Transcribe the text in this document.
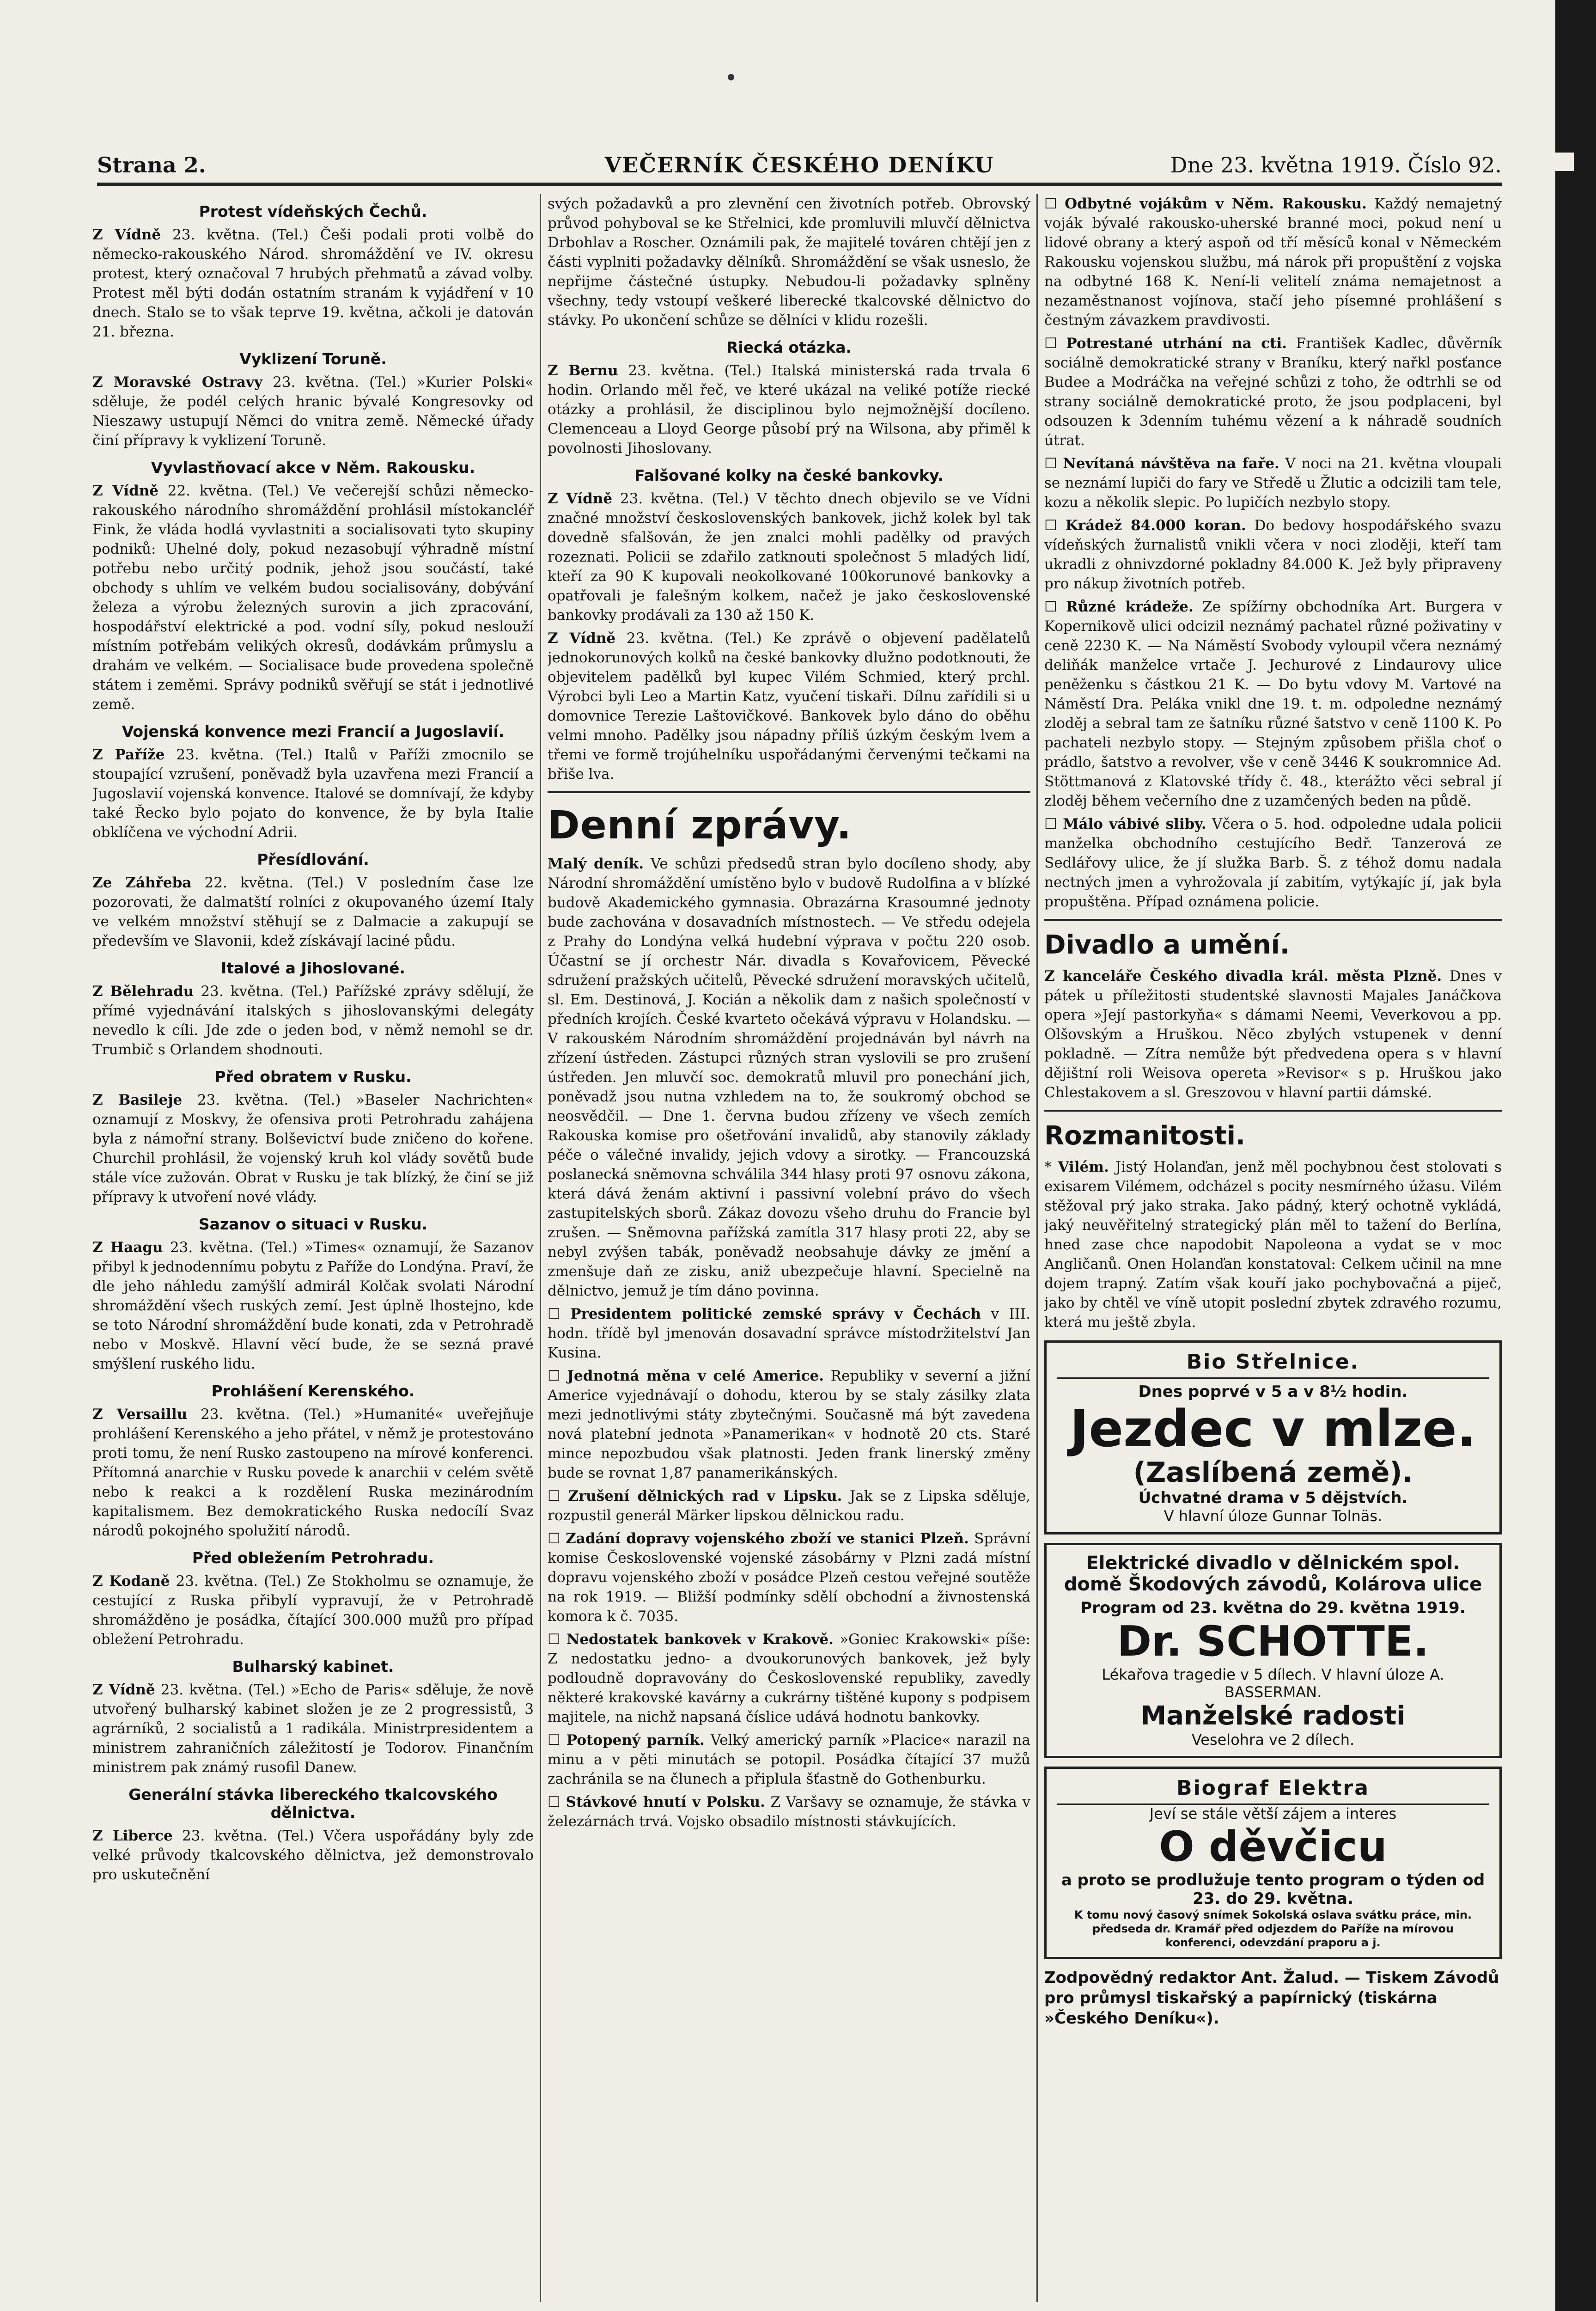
Strana 2.	VEČERNÍK ČESKÉHO DENÍKU	Dne 23. května 1919. Číslo 92.
Protest vídeňských Čechů.

Z Vídně 23. května. (Tel.) Češi podali proti volbě do německo-rakouského Národ. shromáždění ve IV. okresu protest, který označoval 7 hrubých přehmatů a závad volby. Protest měl býti dodán ostatním stranám k vyjádření v 10 dnech. Stalo se to však teprve 19. května, ačkoli je datován 21. března.

Vyklizení Toruně.

Z Moravské Ostravy 23. května. (Tel.) »Kurier Polski« sděluje, že podél celých hranic bývalé Kongresovky od Nieszawy ustupují Němci do vnitra země. Německé úřady činí přípravy k vyklizení Toruně.

Vyvlastňovací akce v Něm. Rakousku.

Z Vídně 22. května. (Tel.) Ve večerejší schůzi německo-rakouského národního shromáždění prohlásil místokancléř Fink, že vláda hodlá vyvlastniti a socialisovati tyto skupiny podniků: Uhelné doly, pokud nezasobují výhradně místní potřebu nebo určitý podnik, jehož jsou součástí, také obchody s uhlím ve velkém budou socialisovány, dobývání železa a výrobu železných surovin a jich zpracování, hospodářství elektrické a pod. vodní síly, pokud neslouží místním potřebám velikých okresů, dodávkám průmyslu a drahám ve velkém. — Socialisace bude provedena společně státem i zeměmi. Správy podniků svěřují se stát i jednotlivé země.

Vojenská konvence mezi Francií a Jugoslavií.

Z Paříže 23. května. (Tel.) Italů v Paříži zmocnilo se stoupající vzrušení, poněvadž byla uzavřena mezi Francií a Jugoslavií vojenská konvence. Italové se domnívají, že kdyby také Řecko bylo pojato do konvence, že by byla Italie obklíčena ve východní Adrii.

Přesídlování.

Ze Záhřeba 22. května. (Tel.) V posledním čase lze pozorovati, že dalmatští rolníci z okupovaného území Italy ve velkém množství stěhují se z Dalmacie a zakupují se především ve Slavonii, kdež získávají laciné půdu.

Italové a Jihoslované.

Z Bělehradu 23. května. (Tel.) Pařížské zprávy sdělují, že přímé vyjednávání italských s jihoslovanskými delegáty nevedlo k cíli. Jde zde o jeden bod, v němž nemohl se dr. Trumbič s Orlandem shodnouti.

Před obratem v Rusku.

Z Basileje 23. května. (Tel.) »Baseler Nachrichten« oznamují z Moskvy, že ofensiva proti Petrohradu zahájena byla z námořní strany. Bolševictví bude zničeno do kořene. Churchil prohlásil, že vojenský kruh kol vlády sovětů bude stále více zužován. Obrat v Rusku je tak blízký, že činí se již přípravy k utvoření nové vlády.

Sazanov o situaci v Rusku.

Z Haagu 23. května. (Tel.) »Times« oznamují, že Sazanov přibyl k jednodennímu pobytu z Paříže do Londýna. Praví, že dle jeho náhledu zamýšlí admirál Kolčak svolati Národní shromáždění všech ruských zemí. Jest úplně lhostejno, kde se toto Národní shromáždění bude konati, zda v Petrohradě nebo v Moskvě. Hlavní věcí bude, že se sezná pravé smýšlení ruského lidu.

Prohlášení Kerenského.

Z Versaillu 23. května. (Tel.) »Humanité« uveřejňuje prohlášení Kerenského a jeho přátel, v němž je protestováno proti tomu, že není Rusko zastoupeno na mírové konferenci. Přítomná anarchie v Rusku povede k anarchii v celém světě nebo k reakci a k rozdělení Ruska mezinárodním kapitalismem. Bez demokratického Ruska nedocílí Svaz národů pokojného spolužití národů.

Před obležením Petrohradu.

Z Kodaně 23. května. (Tel.) Ze Stokholmu se oznamuje, že cestující z Ruska přibylí vypravují, že v Petrohradě shromážděno je posádka, čítající 300.000 mužů pro případ obležení Petrohradu.

Bulharský kabinet.

Z Vídně 23. května. (Tel.) »Echo de Paris« sděluje, že nově utvořený bulharský kabinet složen je ze 2 progressistů, 3 agrárníků, 2 socialistů a 1 radikála. Ministrpresidentem a ministrem zahraničních záležitostí je Todorov. Finančním ministrem pak známý rusofil Danew.

Generální stávka libereckého tkalcovského dělnictva.

Z Liberce 23. května. (Tel.) Včera uspořádány byly zde velké průvody tkalcovského dělnictva, jež demonstrovalo pro uskutečnění

svých požadavků a pro zlevnění cen životních potřeb. Obrovský průvod pohyboval se ke Střelnici, kde promluvili mluvčí dělnictva Drbohlav a Roscher. Oznámili pak, že majitelé továren chtějí jen z části vyplniti požadavky dělníků. Shromáždění se však usneslo, že nepřijme částečné ústupky. Nebudou-li požadavky splněny všechny, tedy vstoupí veškeré liberecké tkalcovské dělnictvo do stávky. Po ukončení schůze se dělníci v klidu rozešli.

Riecká otázka.

Z Bernu 23. května. (Tel.) Italská ministerská rada trvala 6 hodin. Orlando měl řeč, ve které ukázal na veliké potíže riecké otázky a prohlásil, že disciplinou bylo nejmožnější docíleno. Clemenceau a Lloyd George působí prý na Wilsona, aby přiměl k povolnosti Jihoslovany.

Falšované kolky na české bankovky.

Z Vídně 23. května. (Tel.) V těchto dnech objevilo se ve Vídni značné množství československých bankovek, jichž kolek byl tak dovedně sfalšován, že jen znalci mohli padělky od pravých rozeznati. Policii se zdařilo zatknouti společnost 5 mladých lidí, kteří za 90 K kupovali neokolkované 100korunové bankovky a opatřovali je falešným kolkem, načež je jako československé bankovky prodávali za 130 až 150 K.

Z Vídně 23. května. (Tel.) Ke zprávě o objevení padělatelů jednokorunových kolků na české bankovky dlužno podotknouti, že objevitelem padělků byl kupec Vilém Schmied, který prchl. Výrobci byli Leo a Martin Katz, vyučení tiskaři. Dílnu zařídili si u domovnice Terezie Laštovičkové. Bankovek bylo dáno do oběhu velmi mnoho. Padělky jsou nápadny příliš úzkým českým lvem a třemi ve formě trojúhelníku uspořádanými červenými tečkami na břiše lva.

Denní zprávy.

Malý deník. Ve schůzi předsedů stran bylo docíleno shody, aby Národní shromáždění umístěno bylo v budově Rudolfina a v blízké budově Akademického gymnasia. Obrazárna Krasoumné jednoty bude zachována v dosavadních místnostech. — Ve středu odejela z Prahy do Londýna velká hudební výprava v počtu 220 osob. Účastní se jí orchestr Nár. divadla s Kovařovicem, Pěvecké sdružení pražských učitelů, Pěvecké sdružení moravských učitelů, sl. Em. Destinová, J. Kocián a několik dam z našich společností v předních krojích. České kvarteto očekává výpravu v Holandsku. — V rakouském Národním shromáždění projednáván byl návrh na zřízení ústředen. Zástupci různých stran vyslovili se pro zrušení ústředen. Jen mluvčí soc. demokratů mluvil pro ponechání jich, poněvadž jsou nutna vzhledem na to, že soukromý obchod se neosvědčil. — Dne 1. června budou zřízeny ve všech zemích Rakouska komise pro ošetřování invalidů, aby stanovily základy péče o válečné invalidy, jejich vdovy a sirotky. — Francouzská poslanecká sněmovna schválila 344 hlasy proti 97 osnovu zákona, která dává ženám aktivní i passivní volební právo do všech zastupitelských sborů. Zákaz dovozu všeho druhu do Francie byl zrušen. — Sněmovna pařížská zamítla 317 hlasy proti 22, aby se nebyl zvýšen tabák, poněvadž neobsahuje dávky ze jmění a zmenšuje daň ze zisku, aniž ubezpečuje hlavní. Specielně na dělnictvo, jemuž je tím dáno povinna.

☐ Presidentem politické zemské správy v Čechách v III. hodn. třídě byl jmenován dosavadní správce místodržitelství Jan Kusina.

☐ Jednotná měna v celé Americe. Republiky v severní a jižní Americe vyjednávají o dohodu, kterou by se staly zásilky zlata mezi jednotlivými státy zbytečnými. Současně má být zavedena nová platební jednota »Panamerikan« v hodnotě 20 cts. Staré mince nepozbudou však platnosti. Jeden frank linerský změny bude se rovnat 1,87 panamerikánských.

☐ Zrušení dělnických rad v Lipsku. Jak se z Lipska sděluje, rozpustil generál Märker lipskou dělnickou radu.

☐ Zadání dopravy vojenského zboží ve stanici Plzeň. Správní komise Československé vojenské zásobárny v Plzni zadá místní dopravu vojenského zboží v posádce Plzeň cestou veřejné soutěže na rok 1919. — Bližší podmínky sdělí obchodní a živnostenská komora k č. 7035.

☐ Nedostatek bankovek v Krakově. »Goniec Krakowski« píše: Z nedostatku jedno- a dvoukorunových bankovek, jež byly podloudně dopravovány do Československé republiky, zavedly některé krakovské kavárny a cukrárny tištěné kupony s podpisem majitele, na nichž napsaná číslice udává hodnotu bankovky.

☐ Potopený parník. Velký americký parník »Placice« narazil na minu a v pěti minutách se potopil. Posádka čítající 37 mužů zachránila se na člunech a připlula šťastně do Gothenburku.

☐ Stávkové hnutí v Polsku. Z Varšavy se oznamuje, že stávka v železárnách trvá. Vojsko obsadilo místnosti stávkujících.

☐ Odbytné vojákům v Něm. Rakousku. Každý nemajetný voják bývalé rakousko-uherské branné moci, pokud není u lidové obrany a který aspoň od tří měsíců konal v Německém Rakousku vojenskou službu, má nárok při propuštění z vojska na odbytné 168 K. Není-li velitelí známa nemajetnost a nezaměstnanost vojínova, stačí jeho písemné prohlášení s čestným závazkem pravdivosti.

☐ Potrestané utrhání na cti. František Kadlec, důvěrník sociálně demokratické strany v Braníku, který nařkl posťance Budee a Modráčka na veřejné schůzi z toho, že odtrhli se od strany sociálně demokratické proto, že jsou podplaceni, byl odsouzen k 3denním tuhému vězení a k náhradě soudních útrat.

☐ Nevítaná návštěva na faře. V noci na 21. května vloupali se neznámí lupiči do fary ve Středě u Žlutic a odcizili tam tele, kozu a několik slepic. Po lupičích nezbylo stopy.

☐ Krádež 84.000 koran. Do bedovy hospodářského svazu vídeňských žurnalistů vnikli včera v noci zloději, kteří tam ukradli z ohnivzdorné pokladny 84.000 K. Jež byly připraveny pro nákup životních potřeb.

☐ Různé krádeže. Ze spížírny obchodníka Art. Burgera v Kopernikově ulici odcizil neznámý pachatel různé poživatiny v ceně 2230 K. — Na Náměstí Svobody vyloupil včera neznámý deliňák manželce vrtače J. Jechurové z Lindaurovy ulice peněženku s částkou 21 K. — Do bytu vdovy M. Vartové na Náměstí Dra. Peláka vnikl dne 19. t. m. odpoledne neznámý zloděj a sebral tam ze šatníku různé šatstvo v ceně 1100 K. Po pachateli nezbylo stopy. — Stejným způsobem přišla choť o prádlo, šatstvo a revolver, vše v ceně 3446 K soukromnice Ad. Stöttmanová z Klatovské třídy č. 48., kterážto věci sebral jí zloděj během večerního dne z uzamčených beden na půdě.

☐ Málo vábivé sliby. Včera o 5. hod. odpoledne udala policii manželka obchodního cestujícího Bedř. Tanzerová ze Sedlářovy ulice, že jí služka Barb. Š. z téhož domu nadala nectných jmen a vyhrožovala jí zabitím, vytýkajíc jí, jak byla propuštěna. Případ oznámena policie.

Divadlo a umění.

Z kanceláře Českého divadla král. města Plzně. Dnes v pátek u příležitosti studentské slavnosti Majales Janáčkova opera »Její pastorkyňa« s dámami Neemi, Veverkovou a pp. Olšovským a Hruškou. Něco zbylých vstupenek v denní pokladně. — Zítra nemůže být předvedena opera s v hlavní dějištní roli Weisova opereta »Revisor« s p. Hruškou jako Chlestakovem a sl. Greszovou v hlavní partii dámské.

Rozmanitosti.

* Vilém. Jistý Holanďan, jenž měl pochybnou čest stolovati s exisarem Vilémem, odcházel s pocity nesmírného úžasu. Vilém stěžoval prý jako straka. Jako pádný, který ochotně vykládá, jaký neuvěřitelný strategický plán měl to tažení do Berlína, hned zase chce napodobit Napoleona a vydat se v moc Angličanů. Onen Holanďan konstatoval: Celkem učinil na mne dojem trapný. Zatím však kouří jako pochybovačná a piječ, jako by chtěl ve víně utopit poslední zbytek zdravého rozumu, která mu ještě zbyla.

Bio Střelnice.
Dnes poprvé v 5 a v 8½ hodin.
Jezdec v mlze.
(Zaslíbená země).
Úchvatné drama v 5 dějstvích.
V hlavní úloze Gunnar Tolnäs.
Elektrické divadlo v dělnickém spol.
domě Škodových závodů, Kolárova ulice
Program od 23. května do 29. května 1919.
Dr. SCHOTTE.
Lékařova tragedie v 5 dílech. V hlavní úloze A. BASSERMAN.
Manželské radosti
Veselohra ve 2 dílech.
Biograf Elektra
Jeví se stále větší zájem a interes
O děvčicu
a proto se prodlužuje tento program o týden od 23. do 29. května.
K tomu nový časový snímek Sokolská oslava svátku práce, min. předseda dr. Kramář před odjezdem do Paříže na mírovou konferenci, odevzdání praporu a j.
Zodpovědný redaktor Ant. Žalud. — Tiskem Závodů pro průmysl tiskařský a papírnický (tiskárna »Českého Deníku«).
